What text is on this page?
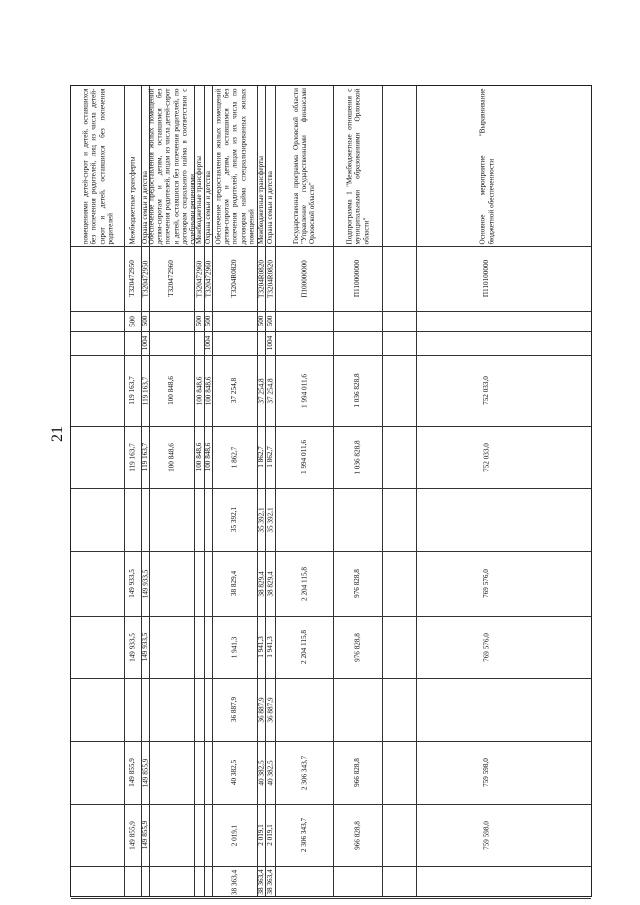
21
помещениями детей-сирот и детей, оставшихся без попечения родителей, лиц из числа детей-сирот и детей, оставшихся без попечения родителей	Межбюджетные трансферты
Т320472950
500
119 163,7
119 163,7
149 933,5
149 933,5
149 855,9
149 855,9
Охрана семьи и детства
Т320472950
500
1004
119 163,7
119 163,7
149 933,5
149 933,5
149 855,9
149 855,9
Обеспечение предоставления жилых помещений детям-сиротам и детям, оставшимся без попечения родителей, лицам из числа детей-сирот и детей, оставшихся без попечения родителей, по договорам социального найма в соответствии с судебными решениями
Т320472960
100 848,6
100 848,6
Межбюджетные трансферты
Т320472960
500
100 848,6
100 848,6
Охрана семьи и детства
Т320472960
500
1004
100 848,6
100 848,6
Обеспечение предоставления жилых помещений детям-сиротам и детям, оставшимся без попечения родителей, лицам из их числа по договорам найма специализированных жилых помещений
Т3204R0820
37 254,8
1 862,7
35 392,1
38 829,4
1 941,3
36 887,9
40 382,5
2 019,1
38 363,4
Межбюджетные трансферты
Т3204R0820
500
37 254,8
1 862,7
35 392,1
38 829,4
1 941,3
36 887,9
40 382,5
2 019,1
38 363,4
Охрана семьи и детства
Т3204R0820
500
1004
37 254,8
1 862,7
35 392,1
38 829,4
1 941,3
36 887,9
40 382,5
2 019,1
38 363,4
Государственная программа Орловской области "Управление государственными финансами Орловской области"
П100000000
1 994 011,6
1 994 011,6
2 204 115,8
2 204 115,8
2 306 343,7
2 306 343,7
Подпрограмма 1 "Межбюджетные отношения с муниципальными образованиями Орловской области"
П110000000
1 036 828,8
1 036 828,8
976 828,8
976 828,8
966 828,8
966 828,8
Основное мероприятие "Выравнивание бюджетной обеспеченности
П110100000
752 033,0
752 033,0
769 576,0
769 576,0
759 598,0
759 598,0
